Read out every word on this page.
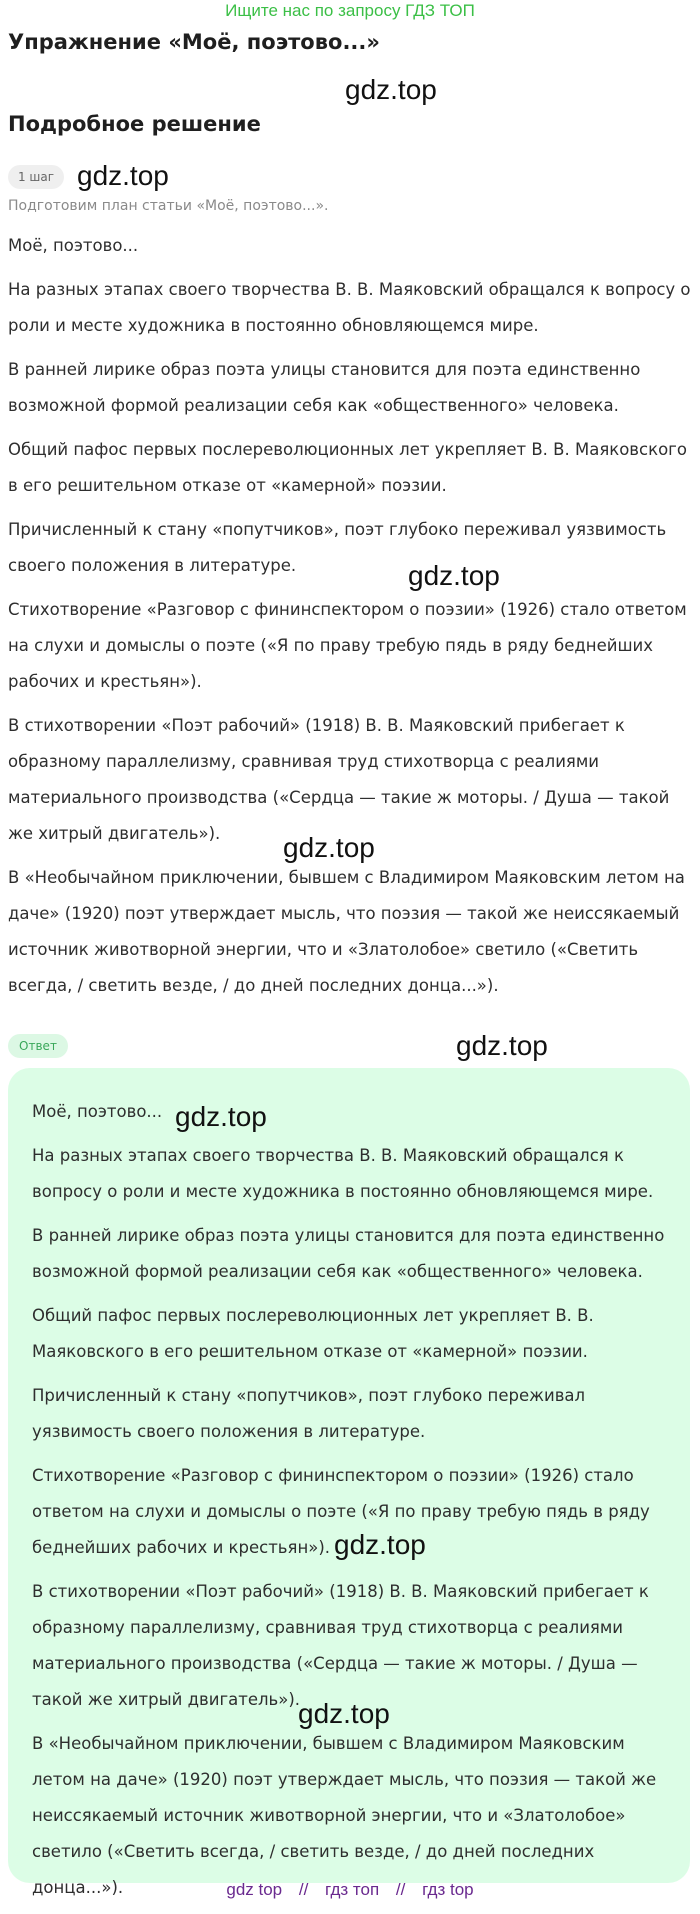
Ищите нас по запросу ГДЗ ТОП
Упражнение «Моё, поэтово...»
gdz.top
Подробное решение
1 шаг gdz.top
Подготовим план статьи «Моё, поэтово...».

Моё, поэтово...

На разных этапах своего творчества В. В. Маяковский обращался к вопросу о роли и месте художника в постоянно обновляющемся мире.

В ранней лирике образ поэта улицы становится для поэта единственно возможной формой реализации себя как «общественного» человека.

Общий пафос первых послереволюционных лет укрепляет В. В. Маяковского в его решительном отказе от «камерной» поэзии.

Причисленный к стану «попутчиков», поэт глубоко переживал уязвимость своего положения в литературе.

Стихотворение «Разговор с фининспектором о поэзии» (1926) стало ответом на слухи и домыслы о поэте («Я по праву требую пядь в ряду беднейших рабочих и крестьян»).

В стихотворении «Поэт рабочий» (1918) В. В. Маяковский прибегает к образному параллелизму, сравнивая труд стихотворца с реалиями материального производства («Сердца — такие ж моторы. / Душа — такой же хитрый двигатель»).

В «Необычайном приключении, бывшем с Владимиром Маяковским летом на даче» (1920) поэт утверждает мысль, что поэзия — такой же неиссякаемый источник животворной энергии, что и «Златолобое» светило («Светить всегда, / светить везде, / до дней последних донца...»).

gdz.top
gdz.top
Ответ	gdz.top

Моё, поэтово...

На разных этапах своего творчества В. В. Маяковский обращался к вопросу о роли и месте художника в постоянно обновляющемся мире.

В ранней лирике образ поэта улицы становится для поэта единственно возможной формой реализации себя как «общественного» человека.

Общий пафос первых послереволюционных лет укрепляет В. В. Маяковского в его решительном отказе от «камерной» поэзии.

Причисленный к стану «попутчиков», поэт глубоко переживал уязвимость своего положения в литературе.

Стихотворение «Разговор с фининспектором о поэзии» (1926) стало ответом на слухи и домыслы о поэте («Я по праву требую пядь в ряду беднейших рабочих и крестьян»).

В стихотворении «Поэт рабочий» (1918) В. В. Маяковский прибегает к образному параллелизму, сравнивая труд стихотворца с реалиями материального производства («Сердца — такие ж моторы. / Душа — такой же хитрый двигатель»).

В «Необычайном приключении, бывшем с Владимиром Маяковским летом на даче» (1920) поэт утверждает мысль, что поэзия — такой же неиссякаемый источник животворной энергии, что и «Златолобое» светило («Светить всегда, / светить везде, / до дней последних донца...»).

gdz.top
gdz.top
gdz.top
gdz top // гдз топ // гдз top
